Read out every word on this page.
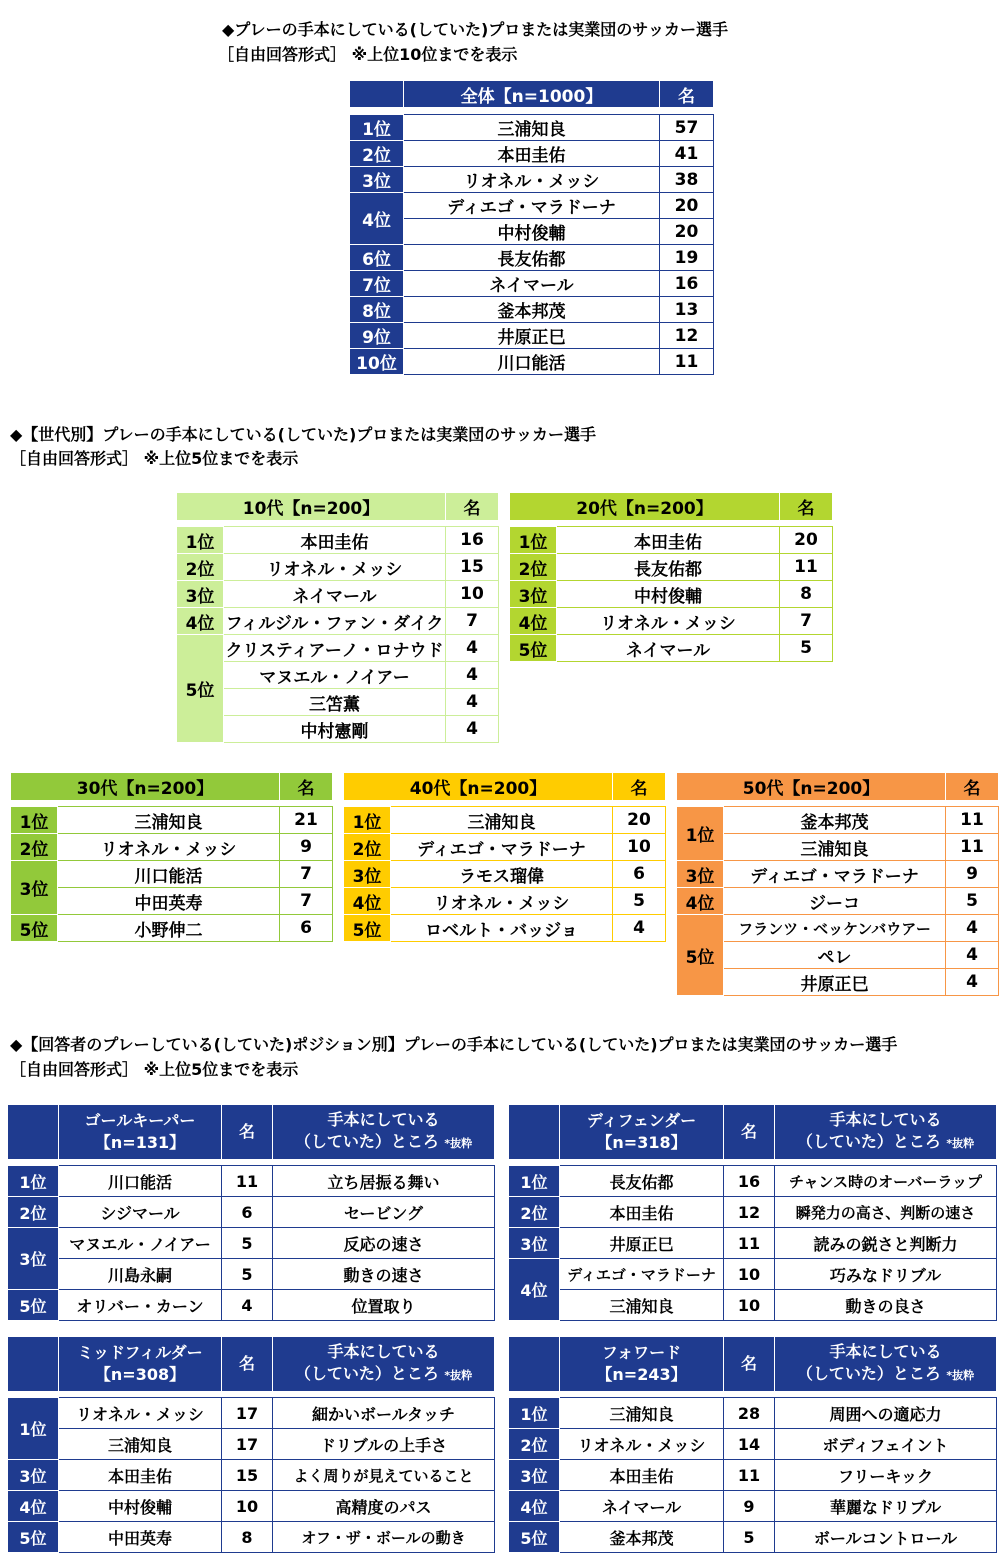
◆プレーの手本にしている(していた)プロまたは実業団のサッカー選手
［自由回答形式］ ※上位10位までを表示
	全体【n=1000】	名

1位	三浦知良	57
2位	本田圭佑	41
3位	リオネル・メッシ	38
4位	ディエゴ・マラドーナ	20
	中村俊輔	20
6位	長友佑都	19
7位	ネイマール	16
8位	釜本邦茂	13
9位	井原正巳	12
10位	川口能活	11
◆【世代別】プレーの手本にしている(していた)プロまたは実業団のサッカー選手
［自由回答形式］ ※上位5位までを表示
10代【n=200】		名

1位	本田圭佑	16
2位	リオネル・メッシ	15
3位	ネイマール	10
4位	フィルジル・ファン・ダイク	7
5位	クリスティアーノ・ロナウド	4
	マヌエル・ノイアー	4
	三笘薫	4
	中村憲剛	4
20代【n=200】		名

1位	本田圭佑	20
2位	長友佑都	11
3位	中村俊輔	8
4位	リオネル・メッシ	7
5位	ネイマール	5
30代【n=200】		名

1位	三浦知良	21
2位	リオネル・メッシ	9
3位	川口能活	7
	中田英寿	7
5位	小野伸二	6
40代【n=200】		名

1位	三浦知良	20
2位	ディエゴ・マラドーナ	10
3位	ラモス瑠偉	6
4位	リオネル・メッシ	5
5位	ロベルト・バッジョ	4
50代【n=200】		名

1位	釜本邦茂	11
	三浦知良	11
3位	ディエゴ・マラドーナ	9
4位	ジーコ	5
5位	フランツ・ベッケンバウアー	4
	ペレ	4
	井原正巳	4
◆【回答者のプレーしている(していた)ポジション別】プレーの手本にしている(していた)プロまたは実業団のサッカー選手
［自由回答形式］ ※上位5位までを表示
	ゴールキーパー
【n=131】	名	手本にしている
（していた）ところ *抜粋

1位	川口能活	11	立ち居振る舞い
2位	シジマール	6	セービング
3位	マヌエル・ノイアー	5	反応の速さ
	川島永嗣	5	動きの速さ
5位	オリバー・カーン	4	位置取り
	ディフェンダー
【n=318】	名	手本にしている
（していた）ところ *抜粋

1位	長友佑都	16	チャンス時のオーバーラップ
2位	本田圭佑	12	瞬発力の高さ、判断の速さ
3位	井原正巳	11	読みの鋭さと判断力
4位	ディエゴ・マラドーナ	10	巧みなドリブル
	三浦知良	10	動きの良さ
	ミッドフィルダー
【n=308】	名	手本にしている
（していた）ところ *抜粋

1位	リオネル・メッシ	17	細かいボールタッチ
	三浦知良	17	ドリブルの上手さ
3位	本田圭佑	15	よく周りが見えていること
4位	中村俊輔	10	高精度のパス
5位	中田英寿	8	オフ・ザ・ボールの動き
	フォワード
【n=243】	名	手本にしている
（していた）ところ *抜粋

1位	三浦知良	28	周囲への適応力
2位	リオネル・メッシ	14	ボディフェイント
3位	本田圭佑	11	フリーキック
4位	ネイマール	9	華麗なドリブル
5位	釜本邦茂	5	ボールコントロール
